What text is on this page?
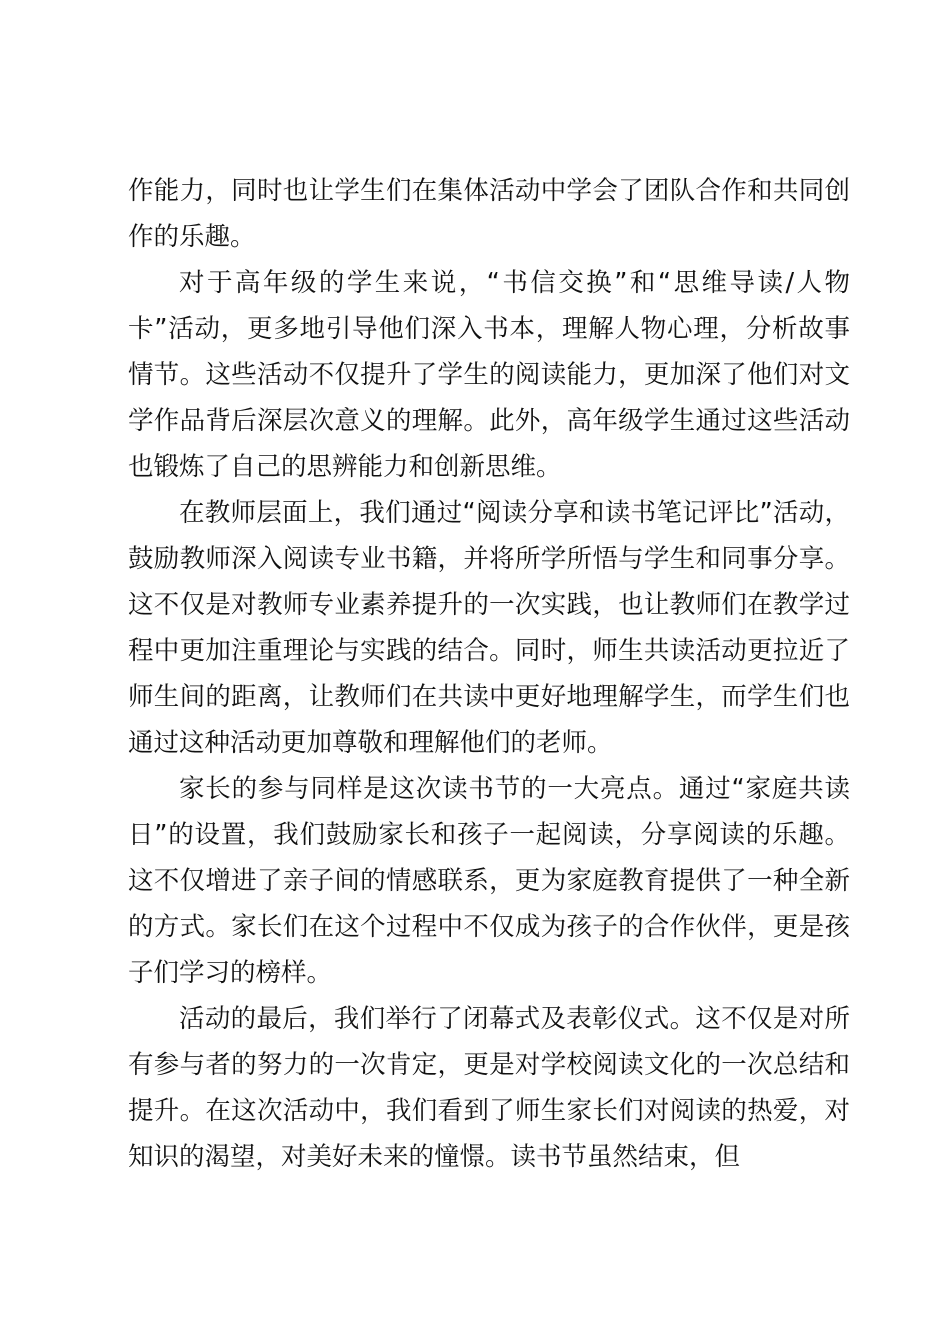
作能力，同时也让学生们在集体活动中学会了团队合作和共同创作的乐趣。

对于高年级的学生来说，“书信交换”和“思维导读/人物卡”活动，更多地引导他们深入书本，理解人物心理，分析故事情节。这些活动不仅提升了学生的阅读能力，更加深了他们对文学作品背后深层次意义的理解。此外，高年级学生通过这些活动也锻炼了自己的思辨能力和创新思维。

在教师层面上，我们通过“阅读分享和读书笔记评比”活动，鼓励教师深入阅读专业书籍，并将所学所悟与学生和同事分享。这不仅是对教师专业素养提升的一次实践，也让教师们在教学过程中更加注重理论与实践的结合。同时，师生共读活动更拉近了师生间的距离，让教师们在共读中更好地理解学生，而学生们也通过这种活动更加尊敬和理解他们的老师。

家长的参与同样是这次读书节的一大亮点。通过“家庭共读日”的设置，我们鼓励家长和孩子一起阅读，分享阅读的乐趣。这不仅增进了亲子间的情感联系，更为家庭教育提供了一种全新的方式。家长们在这个过程中不仅成为孩子的合作伙伴，更是孩子们学习的榜样。

活动的最后，我们举行了闭幕式及表彰仪式。这不仅是对所有参与者的努力的一次肯定，更是对学校阅读文化的一次总结和提升。在这次活动中，我们看到了师生家长们对阅读的热爱，对知识的渴望，对美好未来的憧憬。读书节虽然结束，但
